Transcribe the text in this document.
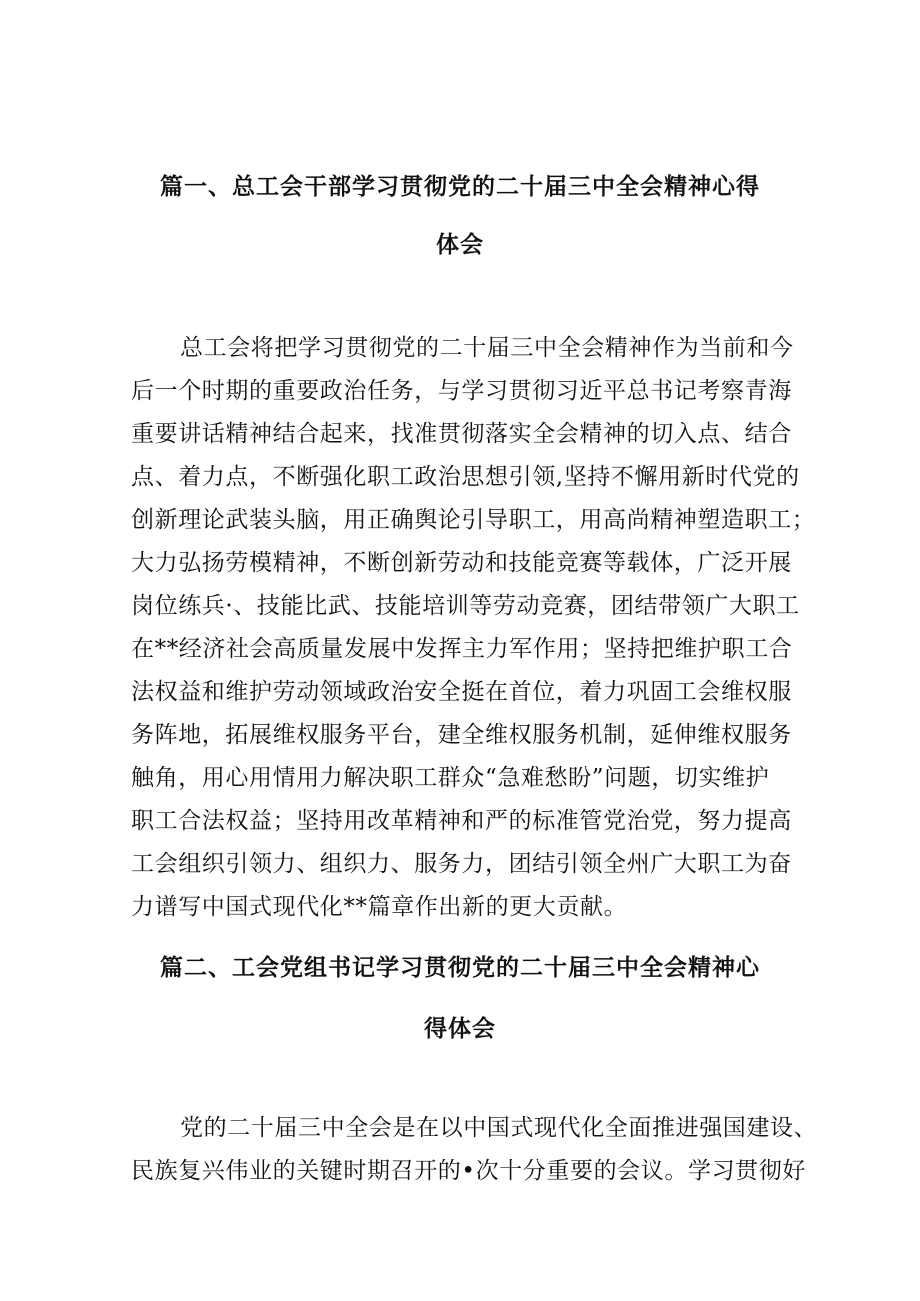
篇一、总工会干部学习贯彻党的二十届三中全会精神心得
体会

总工会将把学习贯彻党的二十届三中全会精神作为当前和今

后一个时期的重要政治任务，与学习贯彻习近平总书记考察青海

重要讲话精神结合起来，找准贯彻落实全会精神的切入点、结合

点、着力点，不断强化职工政治思想引领,坚持不懈用新时代党的

创新理论武装头脑，用正确舆论引导职工，用高尚精神塑造职工；

大力弘扬劳模精神，不断创新劳动和技能竞赛等载体，广泛开展

岗位练兵·、技能比武、技能培训等劳动竞赛，团结带领广大职工

在**经济社会高质量发展中发挥主力军作用；坚持把维护职工合

法权益和维护劳动领域政治安全挺在首位，着力巩固工会维权服

务阵地，拓展维权服务平台，建全维权服务机制，延伸维权服务

触角，用心用情用力解决职工群众“急难愁盼”问题，切实维护

职工合法权益；坚持用改革精神和严的标准管党治党，努力提高

工会组织引领力、组织力、服务力，团结引领全州广大职工为奋

力谱写中国式现代化**篇章作出新的更大贡献。

篇二、工会党组书记学习贯彻党的二十届三中全会精神心
得体会

党的二十届三中全会是在以中国式现代化全面推进强国建设、

民族复兴伟业的关键时期召开的•次十分重要的会议。学习贯彻好
